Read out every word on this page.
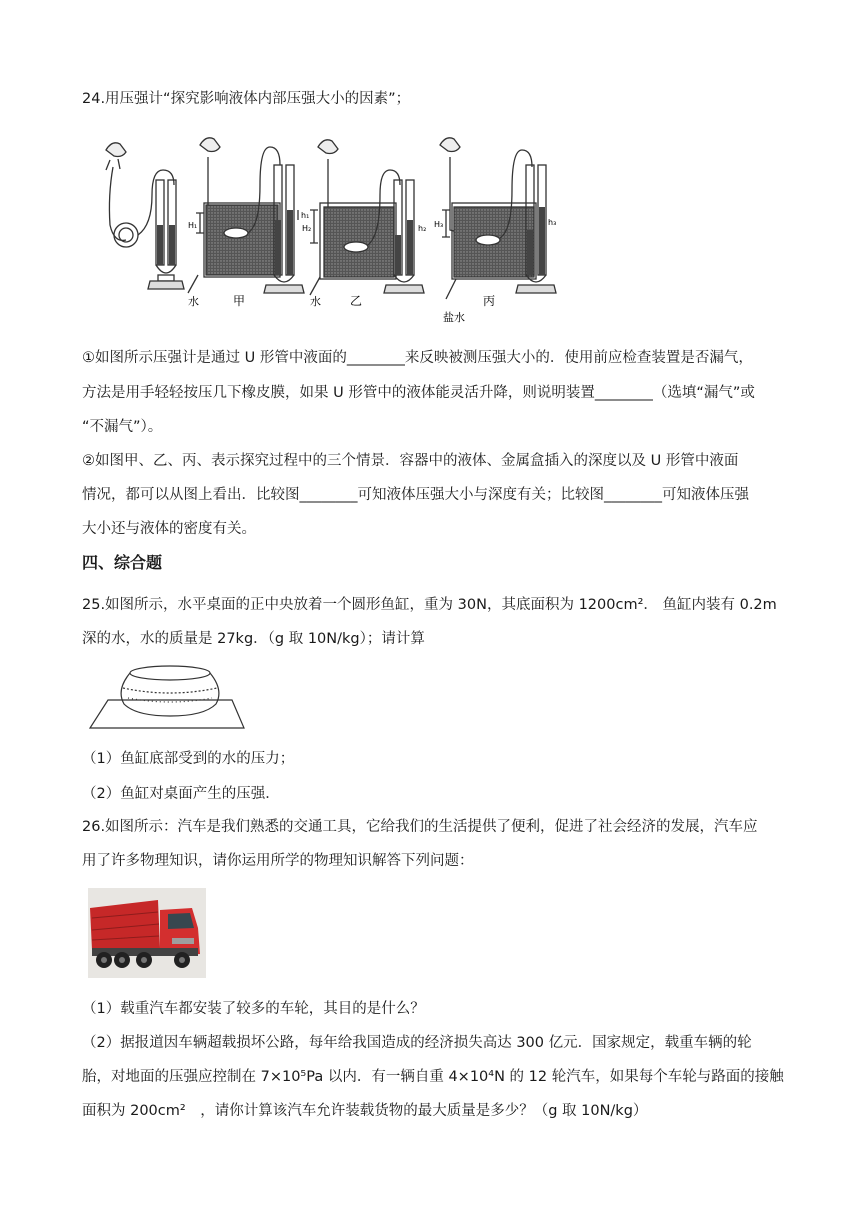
24.用压强计“探究影响液体内部压强大小的因素”；
水	甲
H₁
h₁
水 乙
H₂	h₂
盐水
丙
H₃	h₃
①如图所示压强计是通过 U 形管中液面的________来反映被测压强大小的．使用前应检查装置是否漏气，
方法是用手轻轻按压几下橡皮膜，如果 U 形管中的液体能灵活升降，则说明装置________（选填“漏气”或
“不漏气”）。
②如图甲、乙、丙、表示探究过程中的三个情景．容器中的液体、金属盒插入的深度以及 U 形管中液面
情况，都可以从图上看出．比较图________可知液体压强大小与深度有关；比较图________可知液体压强
大小还与液体的密度有关。
四、综合题
25.如图所示，水平桌面的正中央放着一个圆形鱼缸，重为 30N，其底面积为 1200cm²． 鱼缸内装有 0.2m
深的水，水的质量是 27kg．（g 取 10N/kg）；请计算
（1）鱼缸底部受到的水的压力；
（2）鱼缸对桌面产生的压强．
26.如图所示：汽车是我们熟悉的交通工具，它给我们的生活提供了便利，促进了社会经济的发展，汽车应
用了许多物理知识，请你运用所学的物理知识解答下列问题：
（1）载重汽车都安装了较多的车轮，其目的是什么？
（2）据报道因车辆超载损坏公路，每年给我国造成的经济损失高达 300 亿元．国家规定，载重车辆的轮
胎，对地面的压强应控制在 7×10⁵Pa 以内．有一辆自重 4×10⁴N 的 12 轮汽车，如果每个车轮与路面的接触
面积为 200cm²　，请你计算该汽车允许装载货物的最大质量是多少？（g 取 10N/kg）
